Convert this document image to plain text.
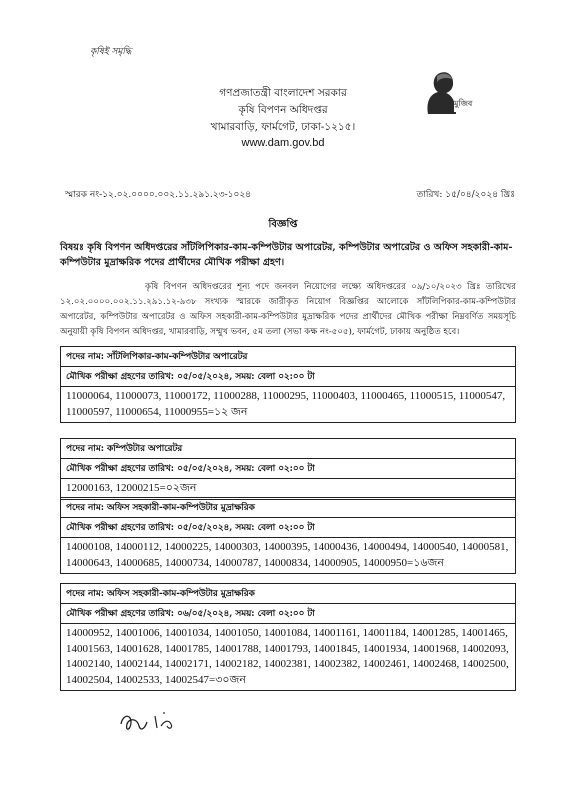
কৃষিই সমৃদ্ধি
গণপ্রজাতন্ত্রী বাংলাদেশ সরকার
কৃষি বিপণন অধিদপ্তর
খামারবাড়ি, ফার্মগেট, ঢাকা-১২১৫।
www.dam.gov.bd
মুজিব
স্মারক নং-১২.০২.০০০০.০০২.১১.২৯১.২৩-১০২৪	তারিখ: ১৫/০৪/২০২৪ খ্রিঃ
বিজ্ঞপ্তি
বিষয়ঃ কৃষি বিপণন অধিদপ্তরের সাঁটলিপিকার-কাম-কম্পিউটার অপারেটর, কম্পিউটার অপারেটর ও অফিস সহকারী-কাম-কম্পিউটার মুদ্রাক্ষরিক পদের প্রার্থীদের মৌখিক পরীক্ষা গ্রহণ।
কৃষি বিপণন অধিদপ্তরের শূন্য পদে জনবল নিয়োগের লক্ষ্যে অধিদপ্তরের ০৯/১০/২০২৩ খ্রিঃ তারিখের ১২.০২.০০০০.০০২.১১.২৯১.১২-৯৩৮ সংখ্যক স্মারকে জারীকৃত নিয়োগ বিজ্ঞপ্তির আলোকে সাঁটলিপিকার-কাম-কম্পিউটার অপারেটর, কম্পিউটার অপারেটর ও অফিস সহকারী-কাম-কম্পিউটার মুদ্রাক্ষরিক পদের প্রার্থীদের মৌখিক পরীক্ষা নিম্নবর্ণিত সময়সূচি অনুযায়ী কৃষি বিপণন অধিদপ্তর, খামারবাড়ি, সম্মুখ ভবন, ৫ম তলা (সভা কক্ষ নং-৫০৫), ফার্মগেট, ঢাকায় অনুষ্ঠিত হবে।
পদের নাম: সাঁটলিপিকার-কাম-কম্পিউটার অপারেটর
মৌখিক পরীক্ষা গ্রহণের তারিখ: ০৫/০৫/২০২৪, সময়: বেলা ০২:০০ টা
11000064, 11000073, 11000172, 11000288, 11000295, 11000403, 11000465, 11000515, 11000547, 11000597, 11000654, 11000955=১২ জন
পদের নাম: কম্পিউটার অপারেটর
মৌখিক পরীক্ষা গ্রহণের তারিখ: ০৫/০৫/২০২৪, সময়: বেলা ০২:০০ টা
12000163, 12000215=০২জন
পদের নাম: অফিস সহকারী-কাম-কম্পিউটার মুদ্রাক্ষরিক
মৌখিক পরীক্ষা গ্রহণের তারিখ: ০৫/০৫/২০২৪, সময়: বেলা ০২:০০ টা
14000108, 14000112, 14000225, 14000303, 14000395, 14000436, 14000494, 14000540, 14000581, 14000643, 14000685, 14000734, 14000787, 14000834, 14000905, 14000950=১৬জন
পদের নাম: অফিস সহকারী-কাম-কম্পিউটার মুদ্রাক্ষরিক
মৌখিক পরীক্ষা গ্রহণের তারিখ: ০৬/০৫/২০২৪, সময়: বেলা ০২:০০ টা
14000952, 14001006, 14001034, 14001050, 14001084, 14001161, 14001184, 14001285, 14001465, 14001563, 14001628, 14001785, 14001788, 14001793, 14001845, 14001934, 14001968, 14002093, 14002140, 14002144, 14002171, 14002182, 14002381, 14002382, 14002461, 14002468, 14002500, 14002504, 14002533, 14002547=৩০জন
